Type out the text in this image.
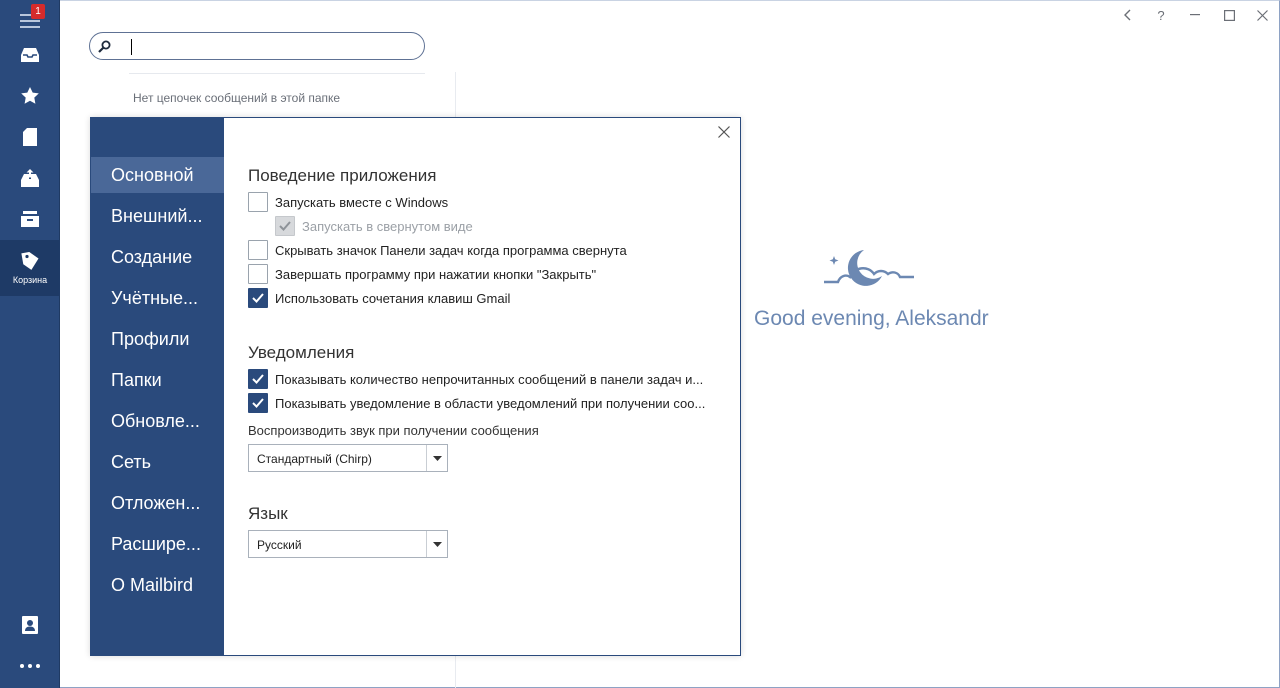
1
Корзина
Нет цепочек сообщений в этой папке
?
Good evening, Aleksandr
Основной
Внешний...
Создание
Учётные...
Профили
Папки
Обновле...
Сеть
Отложен...
Расшире...
О Mailbird
Поведение приложения
Запускать вместе с Windows
Запускать в свернутом виде
Скрывать значок Панели задач когда программа свернута
Завершать программу при нажатии кнопки "Закрыть"
Использовать сочетания клавиш Gmail
Уведомления
Показывать количество непрочитанных сообщений в панели задач и...
Показывать уведомление в области уведомлений при получении соо...
Воспроизводить звук при получении сообщения
Стандартный (Chirp)
Язык
Русский
